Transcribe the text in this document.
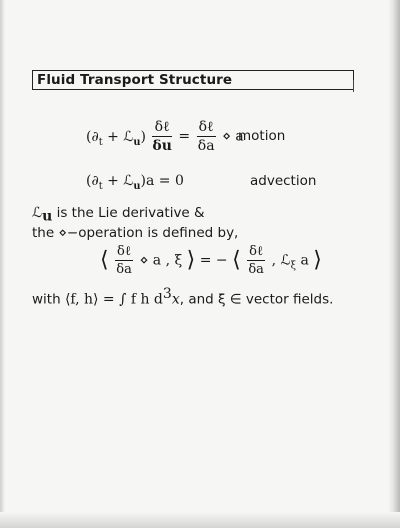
Fluid Transport Structure
($\partial_t$ + ℒ$_u$) $\frac{\text{δℓ}}{\delta u} = \frac{\text{δℓ}}{\delta a}$ ⋄ a
motion
($\partial_t$ + ℒ$_u$)a = 0	advection
ℒ$_u$ is the Lie derivative &
the ⋄−operation is defined by,
⟨ $\frac{\text{δℓ}}{\delta a}$ ⋄ a , ξ ⟩ = − ⟨ $\frac{\text{δℓ}}{\delta a}$ , ℒ$_\xi$ a ⟩
with ⟨f, h⟩ = ∫ f h $d^3x$, and ξ ∈ vector fields.
